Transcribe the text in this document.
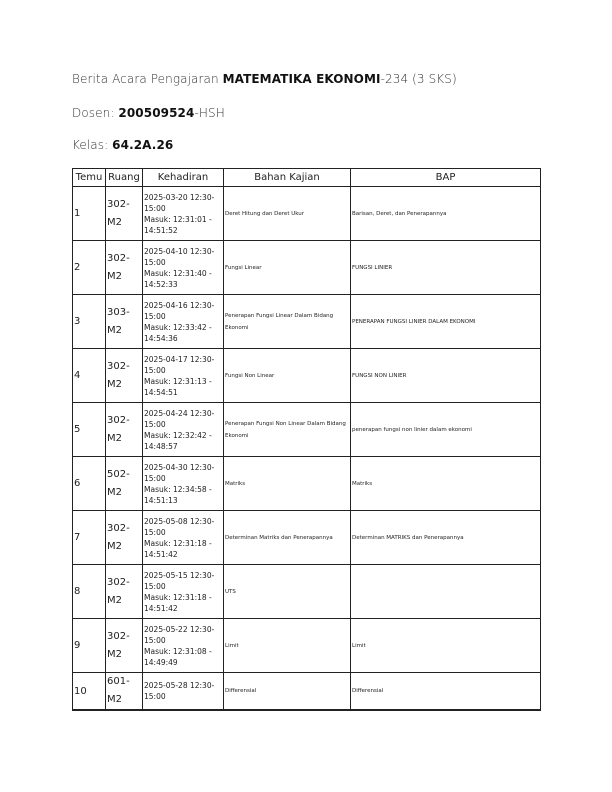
Berita Acara Pengajaran MATEMATIKA EKONOMI-234 (3 SKS)
Dosen: 200509524-HSH
Kelas: 64.2A.26
Temu	Ruang	Kehadiran	Bahan Kajian	BAP
1	302-M2	2025-03-20 12:30-15:00
Masuk: 12:31:01 - 14:51:52	Deret Hitung dan Deret Ukur	Barisan, Deret, dan Penerapannya
2	302-M2	2025-04-10 12:30-15:00
Masuk: 12:31:40 - 14:52:33	Fungsi Linear	FUNGSI LINIER
3	303-M2	2025-04-16 12:30-15:00
Masuk: 12:33:42 - 14:54:36	Penerapan Fungsi Linear Dalam Bidang Ekonomi	PENERAPAN FUNGSI LINIER DALAM EKONOMI
4	302-M2	2025-04-17 12:30-15:00
Masuk: 12:31:13 - 14:54:51	Fungsi Non Linear	FUNGSI NON LINIER
5	302-M2	2025-04-24 12:30-15:00
Masuk: 12:32:42 - 14:48:57	Penerapan Fungsi Non Linear Dalam Bidang Ekonomi	penerapan fungsi non linier dalam ekonomi
6	502-M2	2025-04-30 12:30-15:00
Masuk: 12:34:58 - 14:51:13	Matriks	Matriks
7	302-M2	2025-05-08 12:30-15:00
Masuk: 12:31:18 - 14:51:42	Determinan Matriks dan Penerapannya	Determinan MATRIKS dan Penerapannya
8	302-M2	2025-05-15 12:30-15:00
Masuk: 12:31:18 - 14:51:42	UTS	
9	302-M2	2025-05-22 12:30-15:00
Masuk: 12:31:08 - 14:49:49	Limit	Limit
10	601-M2	2025-05-28 12:30-15:00	Differensial	Differensial
